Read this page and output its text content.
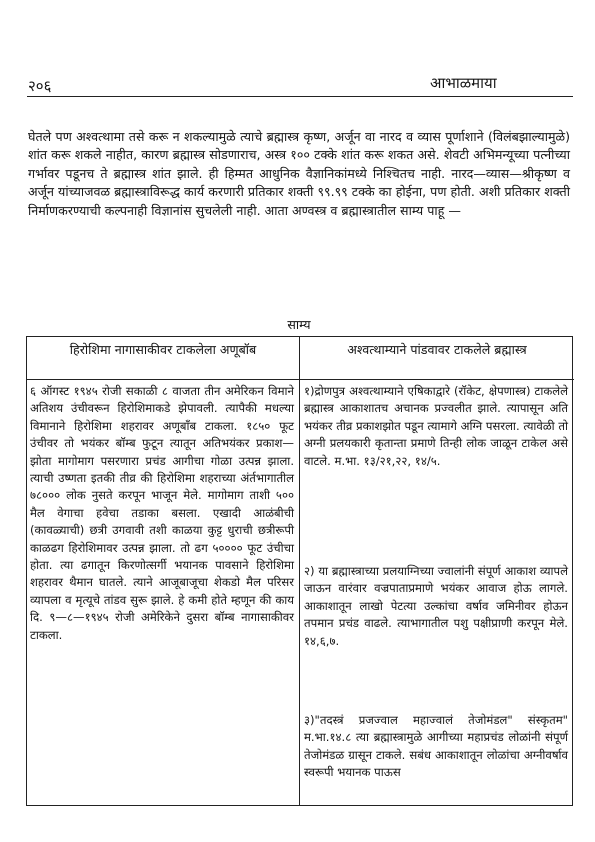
२०६	आभाळमाया

घेतले पण अश्वत्थामा तसे करू न शकल्यामुळे त्याचे ब्रह्मास्त्र कृष्ण, अर्जून वा नारद व व्यास पूर्णाशाने (विलंबझाल्यामुळे) शांत करू शकले नाहीत, कारण ब्रह्मास्त्र सोडणाराच, अस्त्र १०० टक्के शांत करू शकत असे. शेवटी अभिमन्यूच्या पत्नीच्या गर्भावर पडूनच ते ब्रह्मास्त्र शांत झाले. ही हिम्मत आधुनिक वैज्ञानिकांमध्ये निश्चितच नाही. नारद—व्यास—श्रीकृष्ण व अर्जून यांच्याजवळ ब्रह्मास्त्राविरूद्ध कार्य करणारी प्रतिकार शक्ती ९९.९९ टक्के का होईना, पण होती. अशी प्रतिकार शक्ती निर्माणकरण्याची कल्पनाही विज्ञानांस सुचलेली नाही. आता अण्वस्त्र व ब्रह्मास्त्रातील साम्य पाहू —

साम्य
हिरोशिमा नागासाकीवर टाकलेला अणूबॉब	अश्वत्थाम्याने पांडवावर टाकलेले ब्रह्मास्त्र

६ ऑगस्ट १९४५ रोजी सकाळी ८ वाजता तीन अमेरिकन विमाने अतिशय उंचीवरून हिरोशिमाकडे झेपावली. त्यापैकी मधल्या विमानाने हिरोशिमा शहरावर अणूबॉंब टाकला. १८५० फूट उंचीवर तो भयंकर बॉम्ब फुटून त्यातून अतिभयंकर प्रकाश— झोता मागोमाग पसरणारा प्रचंड आगीचा गोळा उत्पन्न झाला. त्याची उष्णता इतकी तीव्र की हिरोशिमा शहराच्या अंर्तभागातील ७८००० लोक नुसते करपून भाजून मेले. मागोमाग ताशी ५०० मैल वेगाचा हवेचा तडाका बसला. एखादी आळंबीची (कावळ्याची) छत्री उगवावी तशी काळया कुट्ट धुराची छत्रीरूपी काळढग हिरोशिमावर उत्पन्न झाला. तो ढग ५०००० फूट उंचीचा होता. त्या ढगातून किरणोत्सर्गी भयानक पावसाने हिरोशिमा शहरावर थैमान घातले. त्याने आजूबाजूचा शेकडो मैल परिसर व्यापला व मृत्यूचे तांडव सुरू झाले. हे कमी होते म्हणून की काय दि. ९—८—१९४५ रोजी अमेरिकेने दुसरा बॉम्ब नागासाकीवर टाकला.

१)द्रोणपुत्र अश्वत्थाम्याने एषिकाद्वारे (रॉकेट, क्षेपणास्त्र) टाकलेले ब्रह्मास्त्र आकाशातच अचानक प्रज्वलीत झाले. त्यापासून अति भयंकर तीव्र प्रकाशझोत पडून त्यामागे अग्नि पसरला. त्यावेळी तो अग्नी प्रलयकारी कृतान्ता प्रमाणे तिन्ही लोक जाळून टाकेल असे वाटले. म.भा. १३/२१,२२, १४/५.

२) या ब्रह्मास्त्राच्या प्रलयाग्निच्या ज्वालांनी संपूर्ण आकाश व्यापले जाऊन वारंवार वज्रपाताप्रमाणे भयंकर आवाज होऊ लागले. आकाशातून लाखो पेटत्या उल्कांचा वर्षाव जमिनीवर होऊन तपमान प्रचंड वाढले. त्याभागातील पशु पक्षीप्राणी करपून मेले. १४,६,७.

३)"तदस्त्रं प्रजज्वाल महाज्वालं तेजोमंडल" संस्कृतम" म.भा.१४.८ त्या ब्रह्मास्त्रामुळे आगीच्या महाप्रचंड लोळांनी संपूर्ण तेजोमंडळ ग्रासून टाकले. सबंध आकाशातून लोळांचा अग्नीवर्षाव स्वरूपी भयानक पाऊस
